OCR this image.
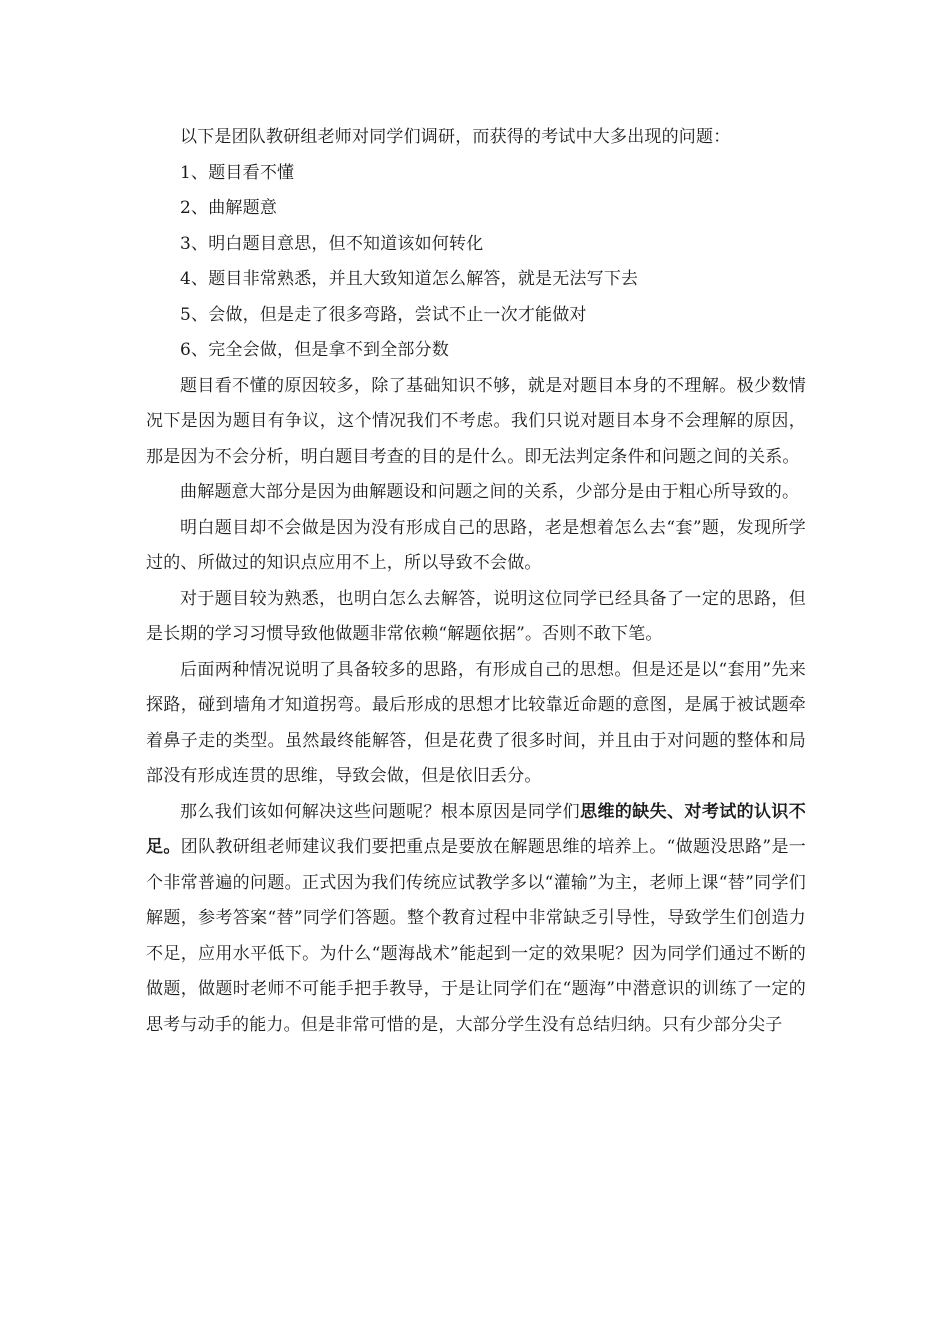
以下是团队教研组老师对同学们调研，而获得的考试中大多出现的问题：

1、题目看不懂

2、曲解题意

3、明白题目意思，但不知道该如何转化

4、题目非常熟悉，并且大致知道怎么解答，就是无法写下去

5、会做，但是走了很多弯路，尝试不止一次才能做对

6、完全会做，但是拿不到全部分数

题目看不懂的原因较多，除了基础知识不够，就是对题目本身的不理解。极少数情况下是因为题目有争议，这个情况我们不考虑。我们只说对题目本身不会理解的原因，那是因为不会分析，明白题目考查的目的是什么。即无法判定条件和问题之间的关系。

曲解题意大部分是因为曲解题设和问题之间的关系，少部分是由于粗心所导致的。

明白题目却不会做是因为没有形成自己的思路，老是想着怎么去“套”题，发现所学过的、所做过的知识点应用不上，所以导致不会做。

对于题目较为熟悉，也明白怎么去解答，说明这位同学已经具备了一定的思路，但是长期的学习习惯导致他做题非常依赖“解题依据”。否则不敢下笔。

后面两种情况说明了具备较多的思路，有形成自己的思想。但是还是以“套用”先来探路，碰到墙角才知道拐弯。最后形成的思想才比较靠近命题的意图，是属于被试题牵着鼻子走的类型。虽然最终能解答，但是花费了很多时间，并且由于对问题的整体和局部没有形成连贯的思维，导致会做，但是依旧丢分。

那么我们该如何解决这些问题呢？根本原因是同学们思维的缺失、对考试的认识不足。团队教研组老师建议我们要把重点是要放在解题思维的培养上。“做题没思路”是一个非常普遍的问题。正式因为我们传统应试教学多以“灌输”为主，老师上课“替”同学们解题，参考答案“替”同学们答题。整个教育过程中非常缺乏引导性，导致学生们创造力不足，应用水平低下。为什么“题海战术”能起到一定的效果呢？因为同学们通过不断的做题，做题时老师不可能手把手教导，于是让同学们在“题海”中潜意识的训练了一定的思考与动手的能力。但是非常可惜的是，大部分学生没有总结归纳。只有少部分尖子
